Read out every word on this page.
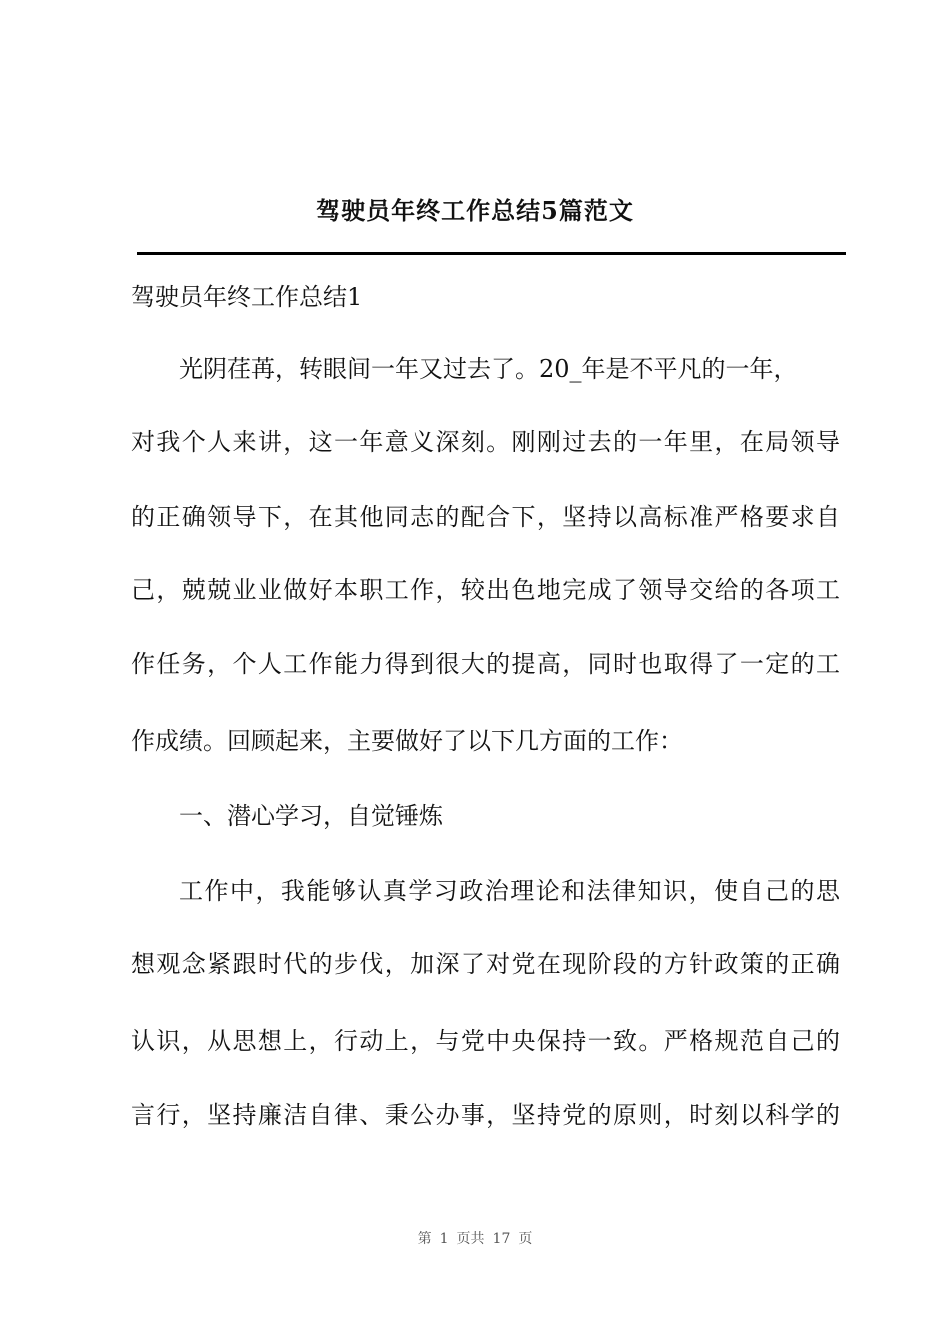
驾驶员年终工作总结5篇范文
驾驶员年终工作总结1
光阴荏苒，转眼间一年又过去了。20_年是不平凡的一年，
对我个人来讲，这一年意义深刻。刚刚过去的一年里，在局领导
的正确领导下，在其他同志的配合下，坚持以高标准严格要求自
己，兢兢业业做好本职工作，较出色地完成了领导交给的各项工
作任务，个人工作能力得到很大的提高，同时也取得了一定的工
作成绩。回顾起来，主要做好了以下几方面的工作：
一、潜心学习，自觉锤炼
工作中，我能够认真学习政治理论和法律知识，使自己的思
想观念紧跟时代的步伐，加深了对党在现阶段的方针政策的正确
认识，从思想上，行动上，与党中央保持一致。严格规范自己的
言行，坚持廉洁自律、秉公办事，坚持党的原则，时刻以科学的
第 1 页共 17 页
